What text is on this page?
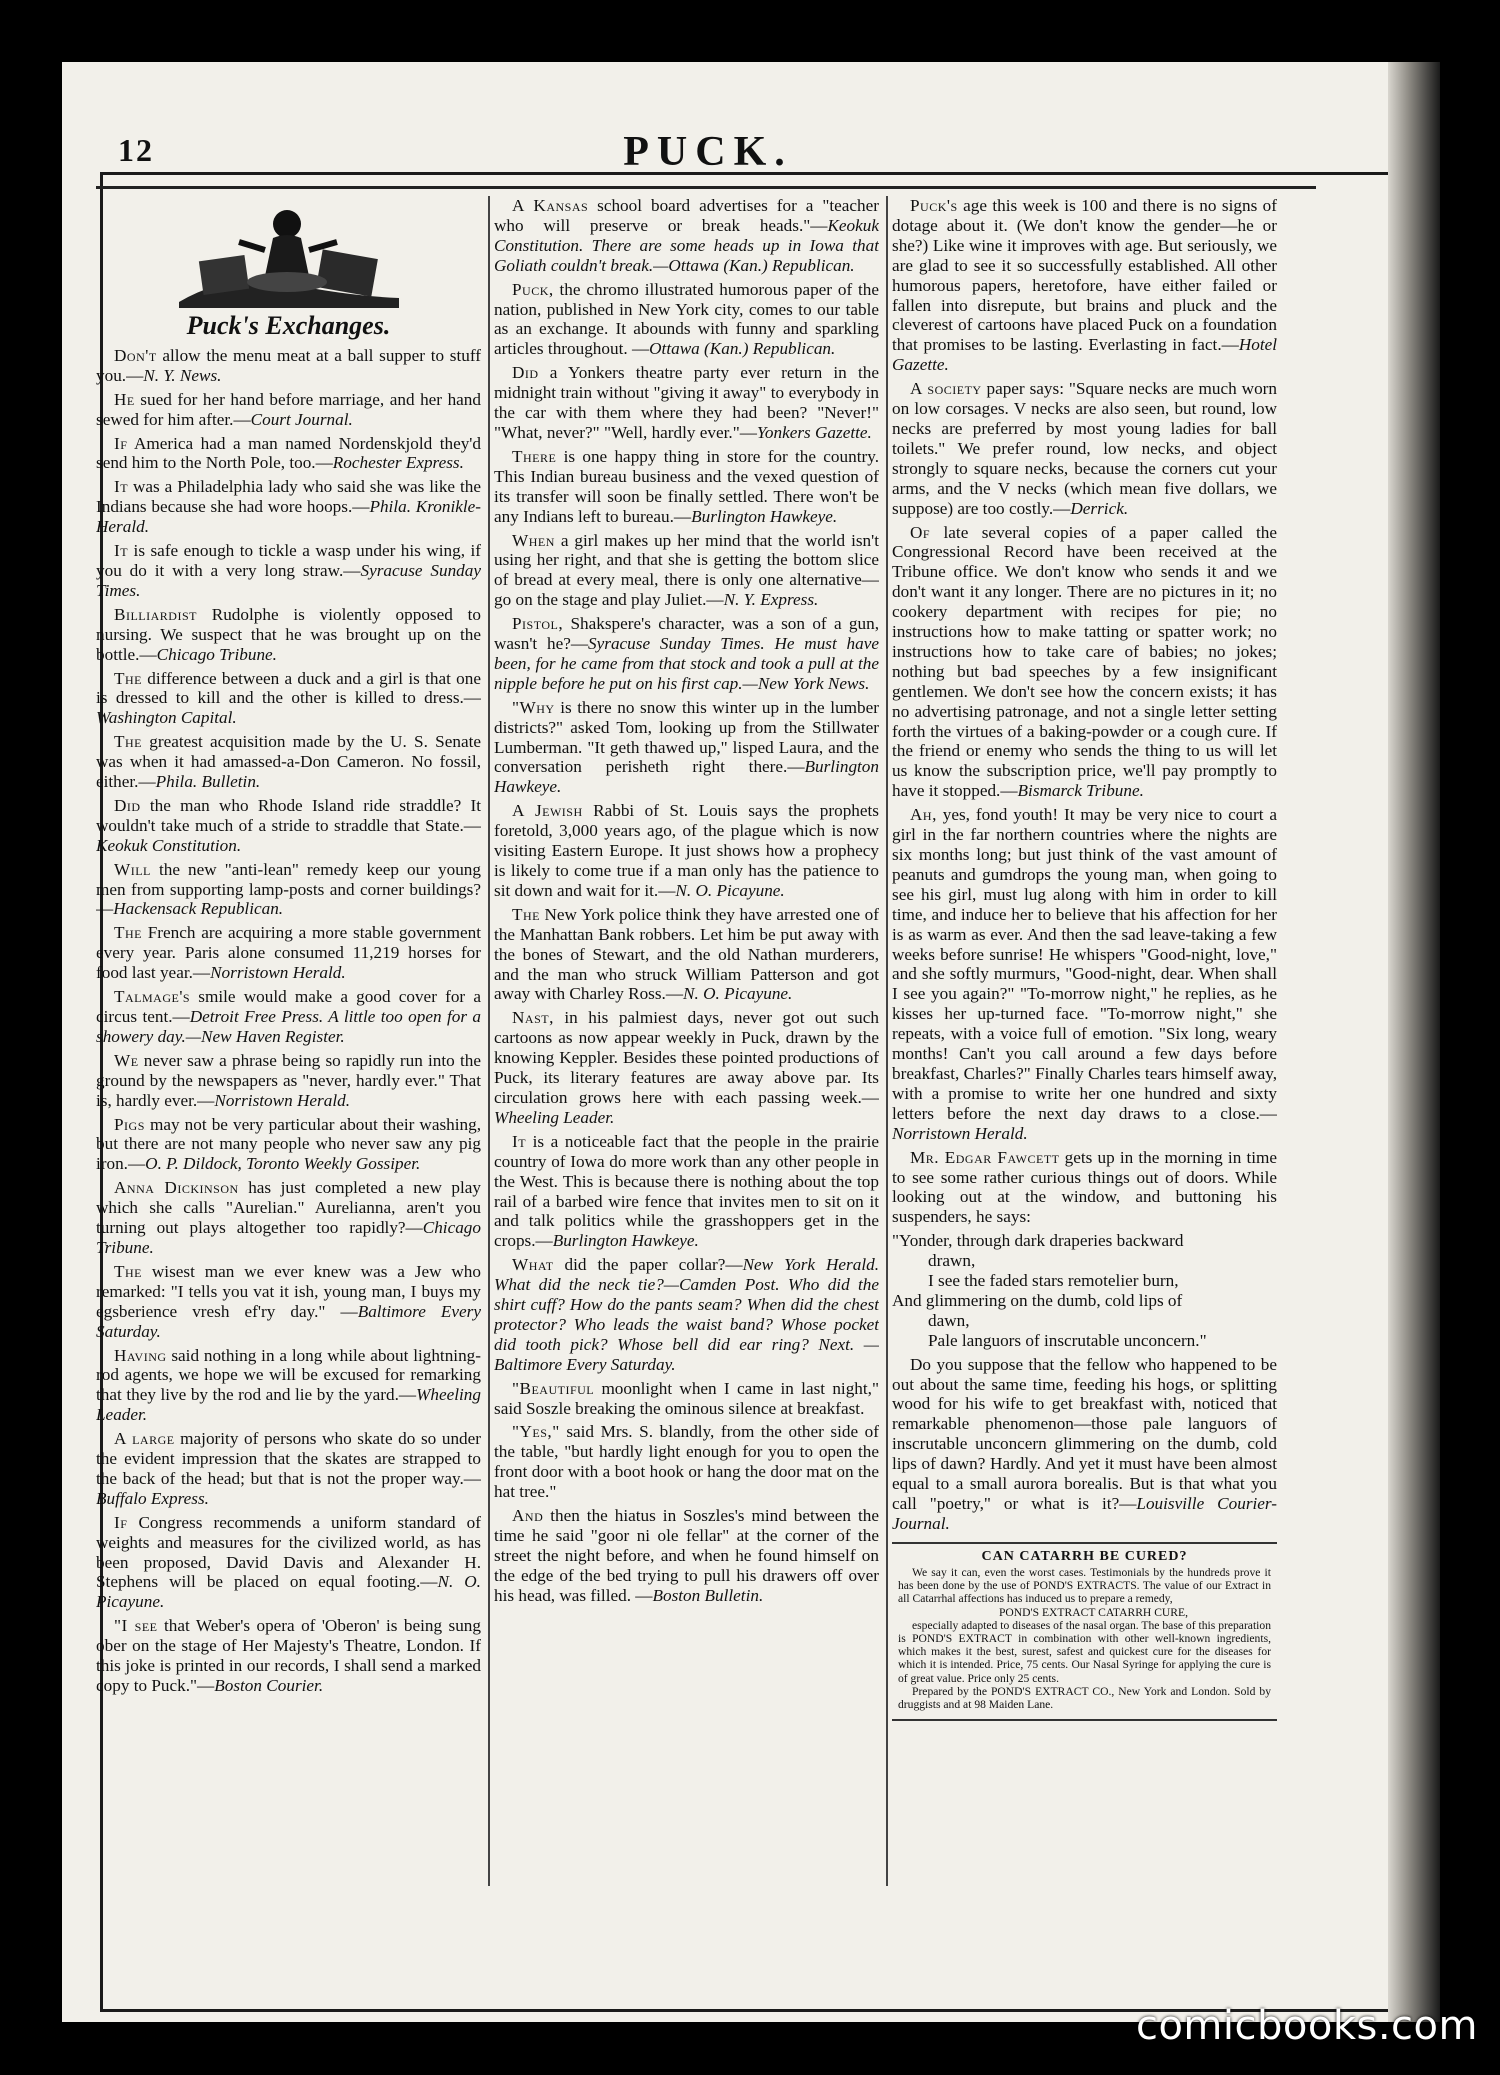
PUCK.
12
Puck's Exchanges.

Don't allow the menu meat at a ball supper to stuff you.—N. Y. News.

He sued for her hand before marriage, and her hand sewed for him after.—Court Journal.

If America had a man named Nordenskjold they'd send him to the North Pole, too.—Rochester Express.

It was a Philadelphia lady who said she was like the Indians because she had wore hoops.—Phila. Kronikle-Herald.

It is safe enough to tickle a wasp under his wing, if you do it with a very long straw.—Syracuse Sunday Times.

Billiardist Rudolphe is violently opposed to nursing. We suspect that he was brought up on the bottle.—Chicago Tribune.

The difference between a duck and a girl is that one is dressed to kill and the other is killed to dress.—Washington Capital.

The greatest acquisition made by the U. S. Senate was when it had amassed-a-Don Cameron. No fossil, either.—Phila. Bulletin.

Did the man who Rhode Island ride straddle? It wouldn't take much of a stride to straddle that State.—Keokuk Constitution.

Will the new "anti-lean" remedy keep our young men from supporting lamp-posts and corner buildings?—Hackensack Republican.

The French are acquiring a more stable government every year. Paris alone consumed 11,219 horses for food last year.—Norristown Herald.

Talmage's smile would make a good cover for a circus tent.—Detroit Free Press. A little too open for a showery day.—New Haven Register.

We never saw a phrase being so rapidly run into the ground by the newspapers as "never, hardly ever." That is, hardly ever.—Norristown Herald.

Pigs may not be very particular about their washing, but there are not many people who never saw any pig iron.—O. P. Dildock, Toronto Weekly Gossiper.

Anna Dickinson has just completed a new play which she calls "Aurelian." Aurelianna, aren't you turning out plays altogether too rapidly?—Chicago Tribune.

The wisest man we ever knew was a Jew who remarked: "I tells you vat it ish, young man, I buys my egsberience vresh ef'ry day." —Baltimore Every Saturday.

Having said nothing in a long while about lightning-rod agents, we hope we will be excused for remarking that they live by the rod and lie by the yard.—Wheeling Leader.

A large majority of persons who skate do so under the evident impression that the skates are strapped to the back of the head; but that is not the proper way.—Buffalo Express.

If Congress recommends a uniform standard of weights and measures for the civilized world, as has been proposed, David Davis and Alexander H. Stephens will be placed on equal footing.—N. O. Picayune.

"I see that Weber's opera of 'Oberon' is being sung ober on the stage of Her Majesty's Theatre, London. If this joke is printed in our records, I shall send a marked copy to Puck."—Boston Courier.

A Kansas school board advertises for a "teacher who will preserve or break heads."—Keokuk Constitution. There are some heads up in Iowa that Goliath couldn't break.—Ottawa (Kan.) Republican.

Puck, the chromo illustrated humorous paper of the nation, published in New York city, comes to our table as an exchange. It abounds with funny and sparkling articles throughout. —Ottawa (Kan.) Republican.

Did a Yonkers theatre party ever return in the midnight train without "giving it away" to everybody in the car with them where they had been? "Never!" "What, never?" "Well, hardly ever."—Yonkers Gazette.

There is one happy thing in store for the country. This Indian bureau business and the vexed question of its transfer will soon be finally settled. There won't be any Indians left to bureau.—Burlington Hawkeye.

When a girl makes up her mind that the world isn't using her right, and that she is getting the bottom slice of bread at every meal, there is only one alternative—go on the stage and play Juliet.—N. Y. Express.

Pistol, Shakspere's character, was a son of a gun, wasn't he?—Syracuse Sunday Times. He must have been, for he came from that stock and took a pull at the nipple before he put on his first cap.—New York News.

"Why is there no snow this winter up in the lumber districts?" asked Tom, looking up from the Stillwater Lumberman. "It geth thawed up," lisped Laura, and the conversation perisheth right there.—Burlington Hawkeye.

A Jewish Rabbi of St. Louis says the prophets foretold, 3,000 years ago, of the plague which is now visiting Eastern Europe. It just shows how a prophecy is likely to come true if a man only has the patience to sit down and wait for it.—N. O. Picayune.

The New York police think they have arrested one of the Manhattan Bank robbers. Let him be put away with the bones of Stewart, and the old Nathan murderers, and the man who struck William Patterson and got away with Charley Ross.—N. O. Picayune.

Nast, in his palmiest days, never got out such cartoons as now appear weekly in Puck, drawn by the knowing Keppler. Besides these pointed productions of Puck, its literary features are away above par. Its circulation grows here with each passing week.—Wheeling Leader.

It is a noticeable fact that the people in the prairie country of Iowa do more work than any other people in the West. This is because there is nothing about the top rail of a barbed wire fence that invites men to sit on it and talk politics while the grasshoppers get in the crops.—Burlington Hawkeye.

What did the paper collar?—New York Herald. What did the neck tie?—Camden Post. Who did the shirt cuff? How do the pants seam? When did the chest protector? Who leads the waist band? Whose pocket did tooth pick? Whose bell did ear ring? Next. —Baltimore Every Saturday.

"Beautiful moonlight when I came in last night," said Soszle breaking the ominous silence at breakfast.

"Yes," said Mrs. S. blandly, from the other side of the table, "but hardly light enough for you to open the front door with a boot hook or hang the door mat on the hat tree."

And then the hiatus in Soszles's mind between the time he said "goor ni ole fellar" at the corner of the street the night before, and when he found himself on the edge of the bed trying to pull his drawers off over his head, was filled. —Boston Bulletin.

Puck's age this week is 100 and there is no signs of dotage about it. (We don't know the gender—he or she?) Like wine it improves with age. But seriously, we are glad to see it so successfully established. All other humorous papers, heretofore, have either failed or fallen into disrepute, but brains and pluck and the cleverest of cartoons have placed Puck on a foundation that promises to be lasting. Everlasting in fact.—Hotel Gazette.

A society paper says: "Square necks are much worn on low corsages. V necks are also seen, but round, low necks are preferred by most young ladies for ball toilets." We prefer round, low necks, and object strongly to square necks, because the corners cut your arms, and the V necks (which mean five dollars, we suppose) are too costly.—Derrick.

Of late several copies of a paper called the Congressional Record have been received at the Tribune office. We don't know who sends it and we don't want it any longer. There are no pictures in it; no cookery department with recipes for pie; no instructions how to make tatting or spatter work; no instructions how to take care of babies; no jokes; nothing but bad speeches by a few insignificant gentlemen. We don't see how the concern exists; it has no advertising patronage, and not a single letter setting forth the virtues of a baking-powder or a cough cure. If the friend or enemy who sends the thing to us will let us know the subscription price, we'll pay promptly to have it stopped.—Bismarck Tribune.

Ah, yes, fond youth! It may be very nice to court a girl in the far northern countries where the nights are six months long; but just think of the vast amount of peanuts and gumdrops the young man, when going to see his girl, must lug along with him in order to kill time, and induce her to believe that his affection for her is as warm as ever. And then the sad leave-taking a few weeks before sunrise! He whispers "Good-night, love," and she softly murmurs, "Good-night, dear. When shall I see you again?" "To-morrow night," he replies, as he kisses her up-turned face. "To-morrow night," she repeats, with a voice full of emotion. "Six long, weary months! Can't you call around a few days before breakfast, Charles?" Finally Charles tears himself away, with a promise to write her one hundred and sixty letters before the next day draws to a close.—Norristown Herald.

Mr. Edgar Fawcett gets up in the morning in time to see some rather curious things out of doors. While looking out at the window, and buttoning his suspenders, he says:

"Yonder, through dark draperies backward
drawn,
I see the faded stars remotelier burn,
And glimmering on the dumb, cold lips of
dawn,
Pale languors of inscrutable unconcern."

Do you suppose that the fellow who happened to be out about the same time, feeding his hogs, or splitting wood for his wife to get breakfast with, noticed that remarkable phenomenon—those pale languors of inscrutable unconcern glimmering on the dumb, cold lips of dawn? Hardly. And yet it must have been almost equal to a small aurora borealis. But is that what you call "poetry," or what is it?—Louisville Courier-Journal.

CAN CATARRH BE CURED?

We say it can, even the worst cases. Testimonials by the hundreds prove it has been done by the use of POND'S EXTRACTS. The value of our Extract in all Catarrhal affections has induced us to prepare a remedy,

POND'S EXTRACT CATARRH CURE,

especially adapted to diseases of the nasal organ. The base of this preparation is POND'S EXTRACT in combination with other well-known ingredients, which makes it the best, surest, safest and quickest cure for the diseases for which it is intended. Price, 75 cents. Our Nasal Syringe for applying the cure is of great value. Price only 25 cents.

Prepared by the POND'S EXTRACT CO., New York and London. Sold by druggists and at 98 Maiden Lane.

comicbooks.com
